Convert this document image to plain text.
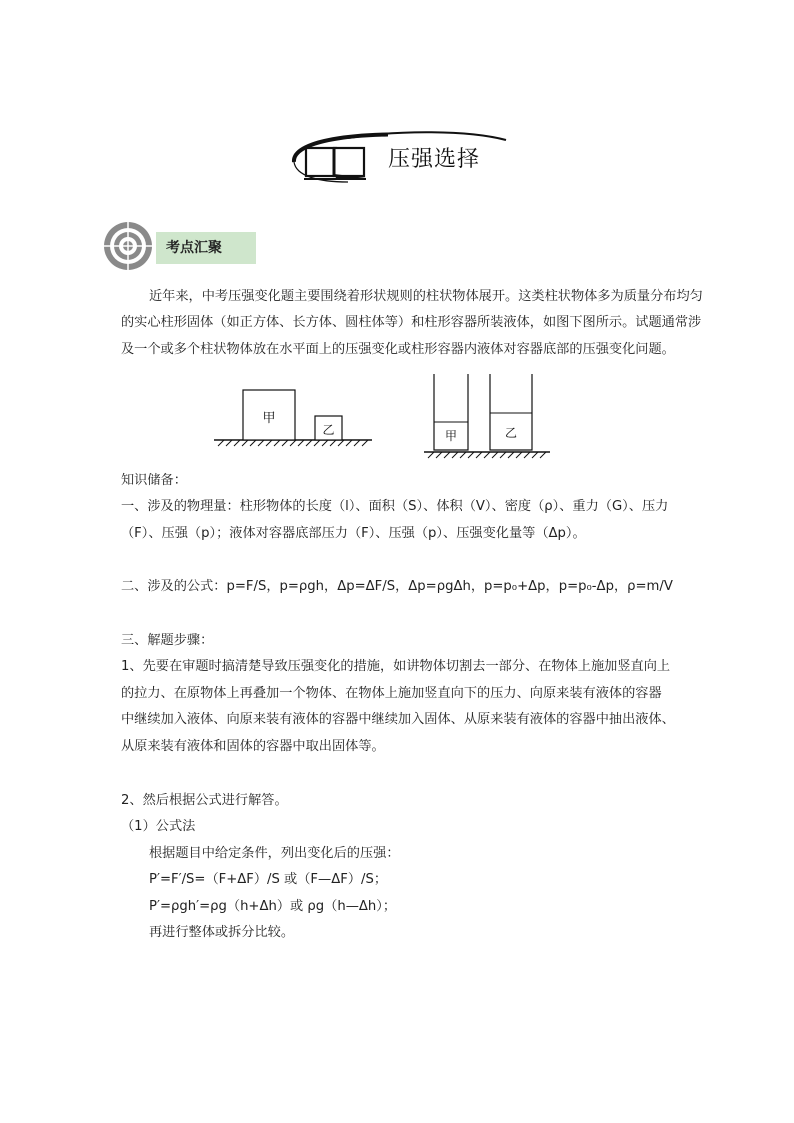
压强选择
考点汇聚

近年来，中考压强变化题主要围绕着形状规则的柱状物体展开。这类柱状物体多为质量分布均匀的实心柱形固体（如正方体、长方体、圆柱体等）和柱形容器所装液体，如图下图所示。试题通常涉及一个或多个柱状物体放在水平面上的压强变化或柱形容器内液体对容器底部的压强变化问题。

甲
乙	甲	乙
知识储备：
一、涉及的物理量：柱形物体的长度（l）、面积（S）、体积（V）、密度（ρ）、重力（G）、压力
（F）、压强（p）；液体对容器底部压力（F）、压强（p）、压强变化量等（Δp）。
二、涉及的公式：p=F/S，p=ρgh，Δp=ΔF/S，Δp=ρgΔh，p=p₀+Δp，p=p₀-Δp，ρ=m/V
三、解题步骤：
1、先要在审题时搞清楚导致压强变化的措施，如讲物体切割去一部分、在物体上施加竖直向上
的拉力、在原物体上再叠加一个物体、在物体上施加竖直向下的压力、向原来装有液体的容器
中继续加入液体、向原来装有液体的容器中继续加入固体、从原来装有液体的容器中抽出液体、
从原来装有液体和固体的容器中取出固体等。
2、然后根据公式进行解答。
（1）公式法
根据题目中给定条件，列出变化后的压强：
P′=F′/S=（F+ΔF）/S 或（F—ΔF）/S；
P′=ρgh′=ρg（h+Δh）或 ρg（h—Δh）；
再进行整体或拆分比较。
